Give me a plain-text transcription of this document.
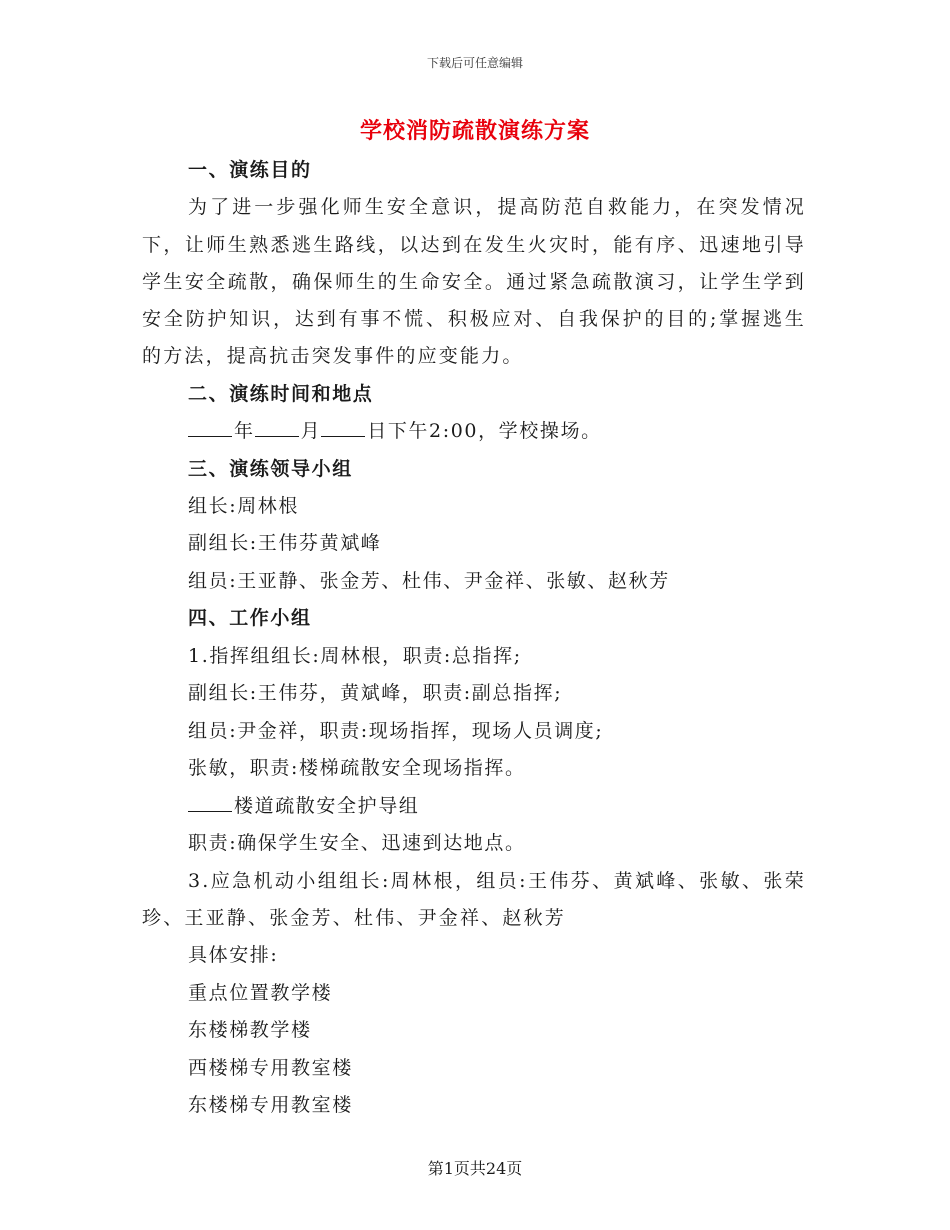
下载后可任意编辑
学校消防疏散演练方案
一、演练目的
为了进一步强化师生安全意识，提高防范自救能力，在突发情况下，让师生熟悉逃生路线，以达到在发生火灾时，能有序、迅速地引导学生安全疏散，确保师生的生命安全。通过紧急疏散演习，让学生学到安全防护知识，达到有事不慌、积极应对、自我保护的目的;掌握逃生的方法，提高抗击突发事件的应变能力。
二、演练时间和地点
年 月 日下午2:00，学校操场。
三、演练领导小组
组长:周林根
副组长:王伟芬黄斌峰
组员:王亚静、张金芳、杜伟、尹金祥、张敏、赵秋芳
四、工作小组
1.指挥组组长:周林根，职责:总指挥;
副组长:王伟芬，黄斌峰，职责:副总指挥;
组员:尹金祥，职责:现场指挥，现场人员调度;
张敏，职责:楼梯疏散安全现场指挥。
楼道疏散安全护导组
职责:确保学生安全、迅速到达地点。
3.应急机动小组组长:周林根，组员:王伟芬、黄斌峰、张敏、张荣珍、王亚静、张金芳、杜伟、尹金祥、赵秋芳
具体安排:
重点位置教学楼
东楼梯教学楼
西楼梯专用教室楼
东楼梯专用教室楼
第1页共24页
